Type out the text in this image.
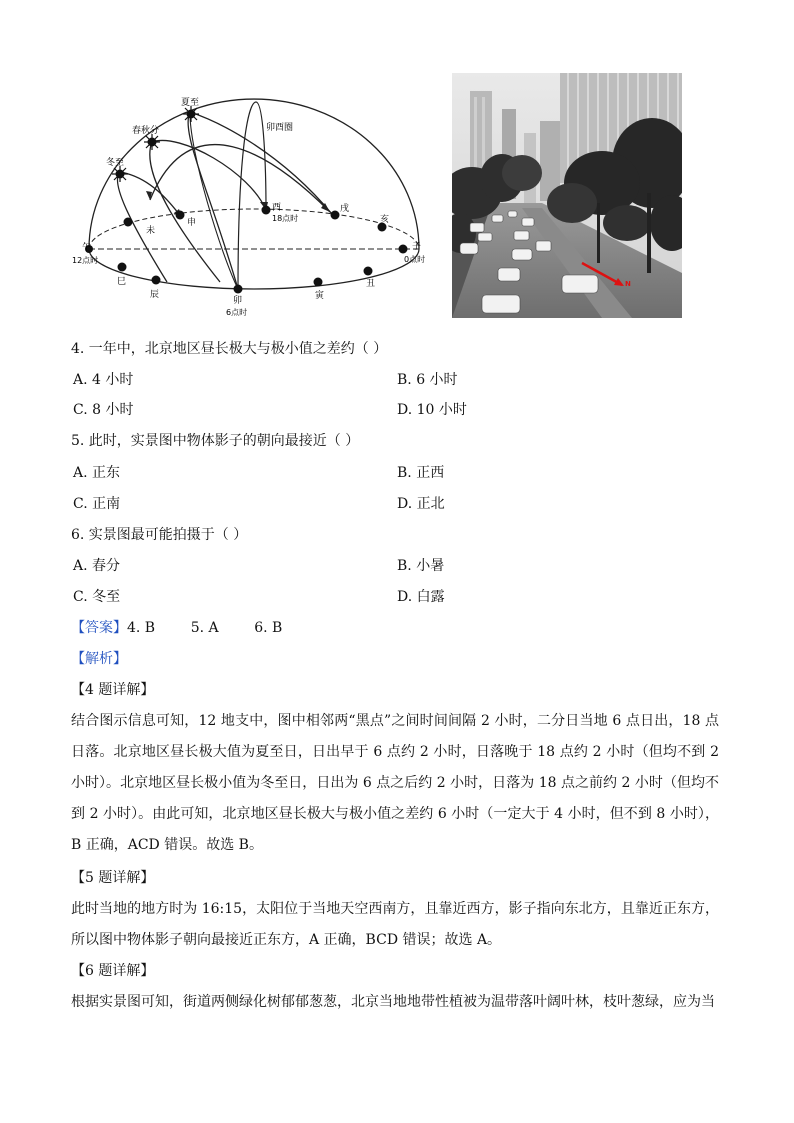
夏至
春秋分
冬至
卯酉圈
酉
18点时
戌
亥
子
0点时
午
12点时
未
申
巳
辰
卯
6点时
寅
丑	N
4. 一年中，北京地区昼长极大与极小值之差约（ ）
A. 4 小时	B. 6 小时
C. 8 小时	D. 10 小时
5. 此时，实景图中物体影子的朝向最接近（ ）
A. 正东	B. 正西
C. 正南	D. 正北
6. 实景图最可能拍摄于（ ）
A. 春分	B. 小暑
C. 冬至	D. 白露
【答案】4. B        5. A        6. B
【解析】
【4 题详解】
结合图示信息可知，12 地支中，图中相邻两“黑点”之间时间间隔 2 小时，二分日当地 6 点日出，18 点日落。北京地区昼长极大值为夏至日，日出早于 6 点约 2 小时，日落晚于 18 点约 2 小时（但均不到 2 小时）。北京地区昼长极小值为冬至日，日出为 6 点之后约 2 小时，日落为 18 点之前约 2 小时（但均不到 2 小时）。由此可知，北京地区昼长极大与极小值之差约 6 小时（一定大于 4 小时，但不到 8 小时），B 正确，ACD 错误。故选 B。
【5 题详解】
此时当地的地方时为 16:15，太阳位于当地天空西南方，且靠近西方，影子指向东北方，且靠近正东方，所以图中物体影子朝向最接近正东方，A 正确，BCD 错误；故选 A。
【6 题详解】
根据实景图可知，街道两侧绿化树郁郁葱葱，北京当地地带性植被为温带落叶阔叶林，枝叶葱绿，应为当
